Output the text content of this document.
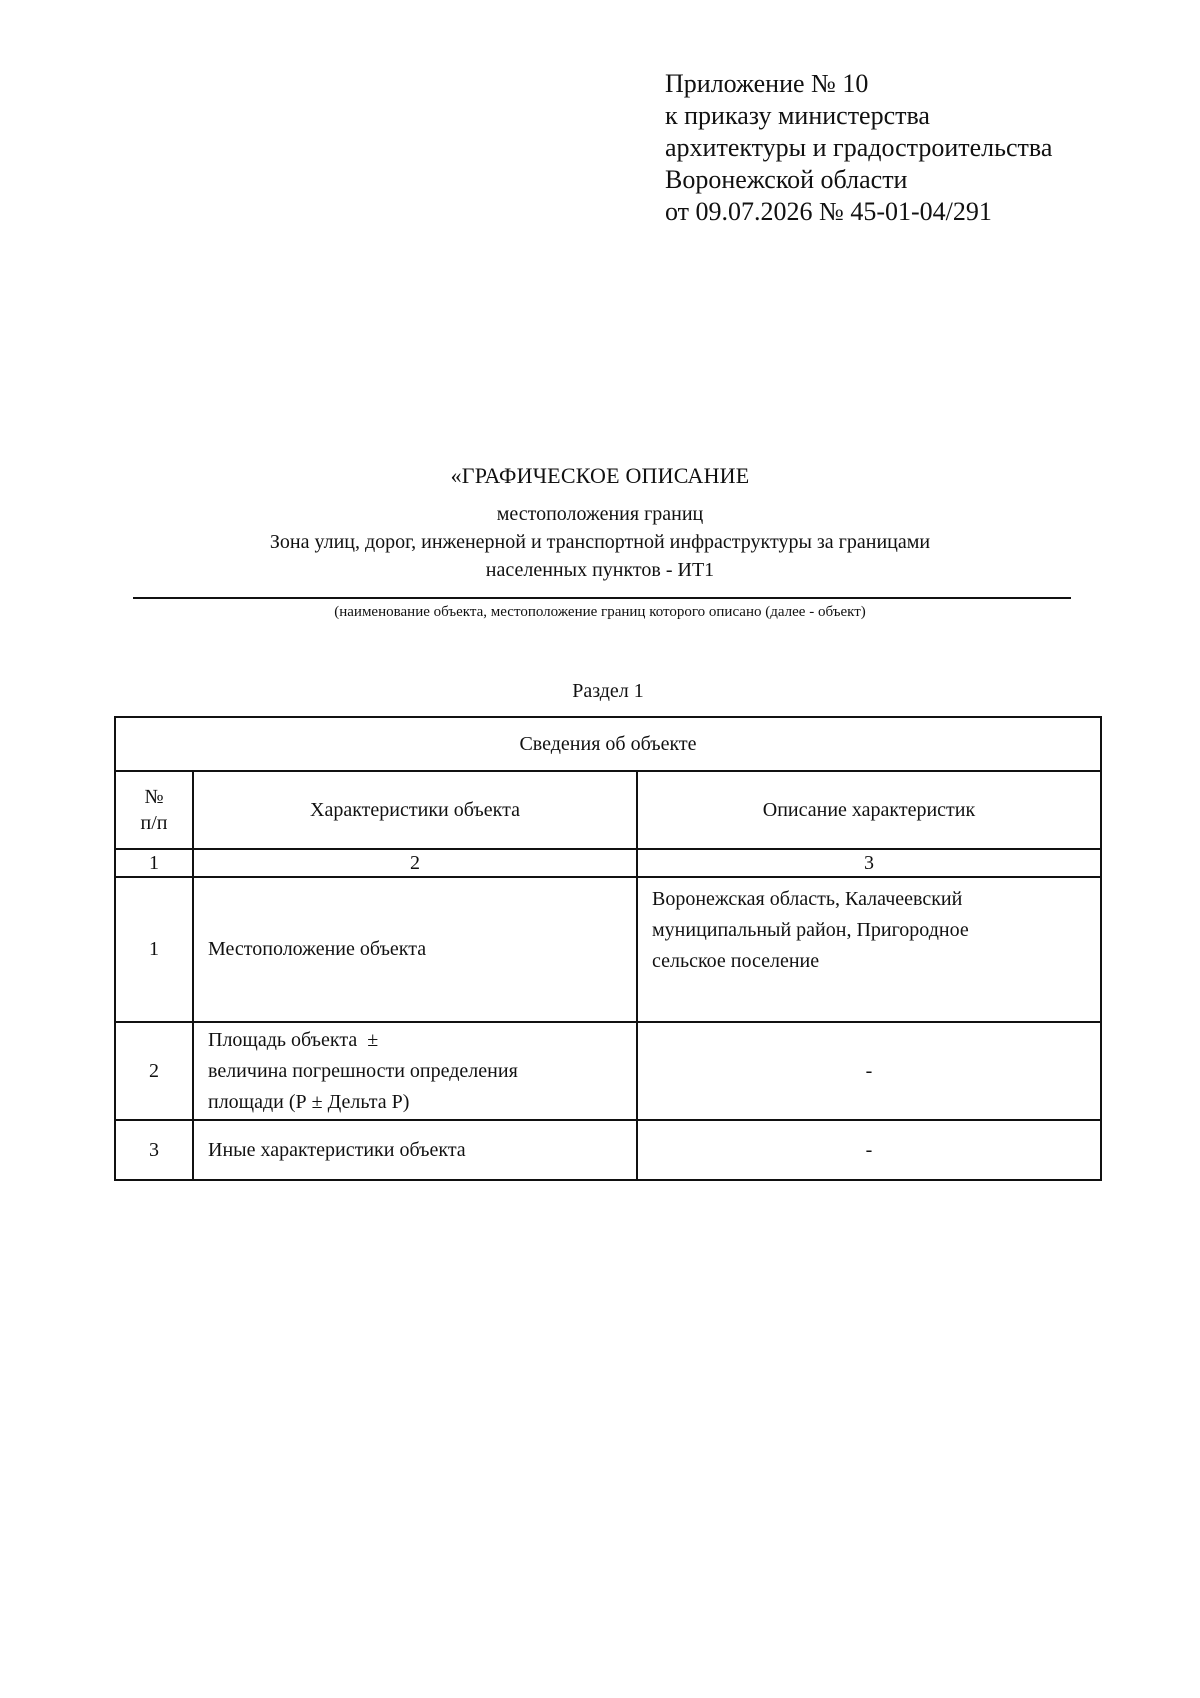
Приложение № 10
к приказу министерства
архитектуры и градостроительства
Воронежской области
от 09.07.2026 № 45-01-04/291
«ГРАФИЧЕСКОЕ ОПИСАНИЕ
местоположения границ
Зона улиц, дорог, инженерной и транспортной инфраструктуры за границами
населенных пунктов - ИТ1
(наименование объекта, местоположение границ которого описано (далее - объект)
Раздел 1
Сведения об объекте		

№
п/п	Характеристики объекта	Описание характеристик
1	2	3
1	Местоположение объекта	Воронежская область, Калачеевский
муниципальный район, Пригородное
сельское поселение

2	Площадь объекта  ±
величина погрешности определения
площади (Р ± Дельта Р)	-
3	Иные характеристики объекта	-
